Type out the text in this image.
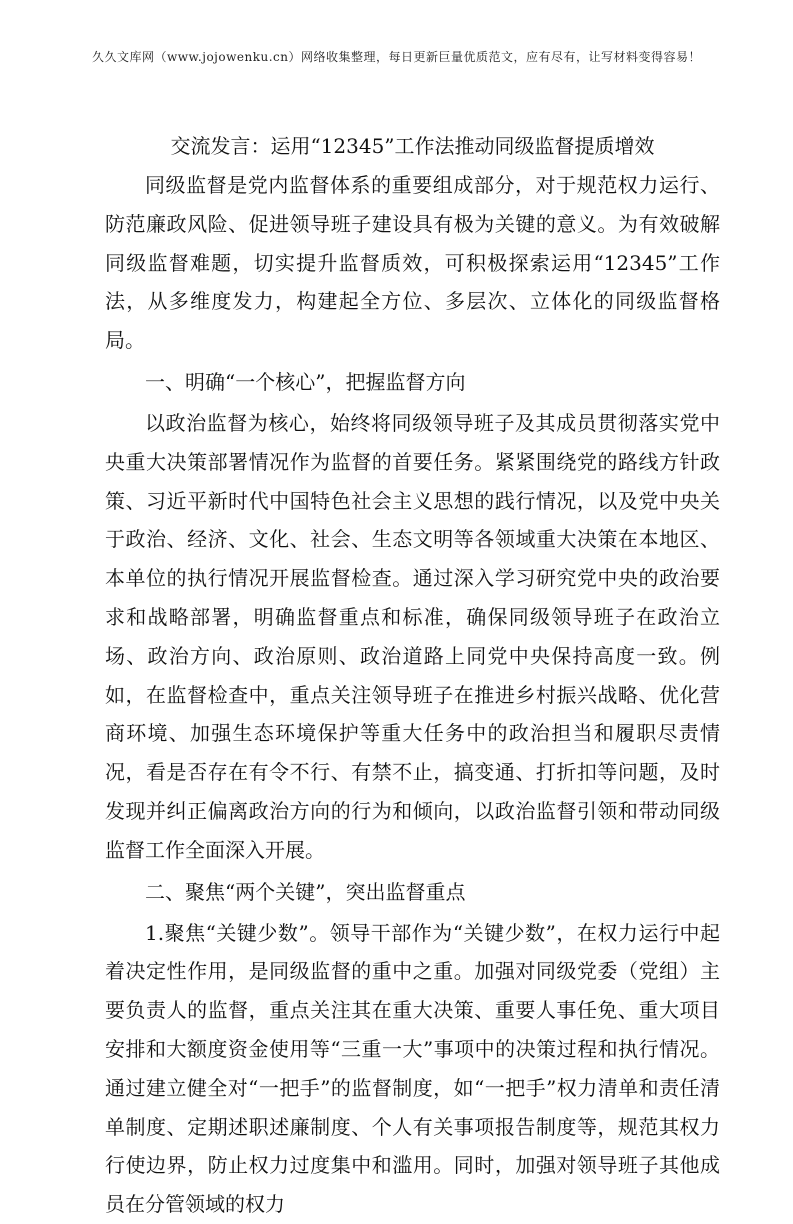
久久文库网（www.jojowenku.cn）网络收集整理，每日更新巨量优质范文，应有尽有，让写材料变得容易！
交流发言：运用“12345”工作法推动同级监督提质增效

同级监督是党内监督体系的重要组成部分，对于规范权力运行、防范廉政风险、促进领导班子建设具有极为关键的意义。为有效破解同级监督难题，切实提升监督质效，可积极探索运用“12345”工作法，从多维度发力，构建起全方位、多层次、立体化的同级监督格局。

一、明确“一个核心”，把握监督方向

以政治监督为核心，始终将同级领导班子及其成员贯彻落实党中央重大决策部署情况作为监督的首要任务。紧紧围绕党的路线方针政策、习近平新时代中国特色社会主义思想的践行情况，以及党中央关于政治、经济、文化、社会、生态文明等各领域重大决策在本地区、本单位的执行情况开展监督检查。通过深入学习研究党中央的政治要求和战略部署，明确监督重点和标准，确保同级领导班子在政治立场、政治方向、政治原则、政治道路上同党中央保持高度一致。例如，在监督检查中，重点关注领导班子在推进乡村振兴战略、优化营商环境、加强生态环境保护等重大任务中的政治担当和履职尽责情况，看是否存在有令不行、有禁不止，搞变通、打折扣等问题，及时发现并纠正偏离政治方向的行为和倾向，以政治监督引领和带动同级监督工作全面深入开展。

二、聚焦“两个关键”，突出监督重点

1.聚焦“关键少数”。领导干部作为“关键少数”，在权力运行中起着决定性作用，是同级监督的重中之重。加强对同级党委（党组）主要负责人的监督，重点关注其在重大决策、重要人事任免、重大项目安排和大额度资金使用等“三重一大”事项中的决策过程和执行情况。通过建立健全对“一把手”的监督制度，如“一把手”权力清单和责任清单制度、定期述职述廉制度、个人有关事项报告制度等，规范其权力行使边界，防止权力过度集中和滥用。同时，加强对领导班子其他成员在分管领域的权力
